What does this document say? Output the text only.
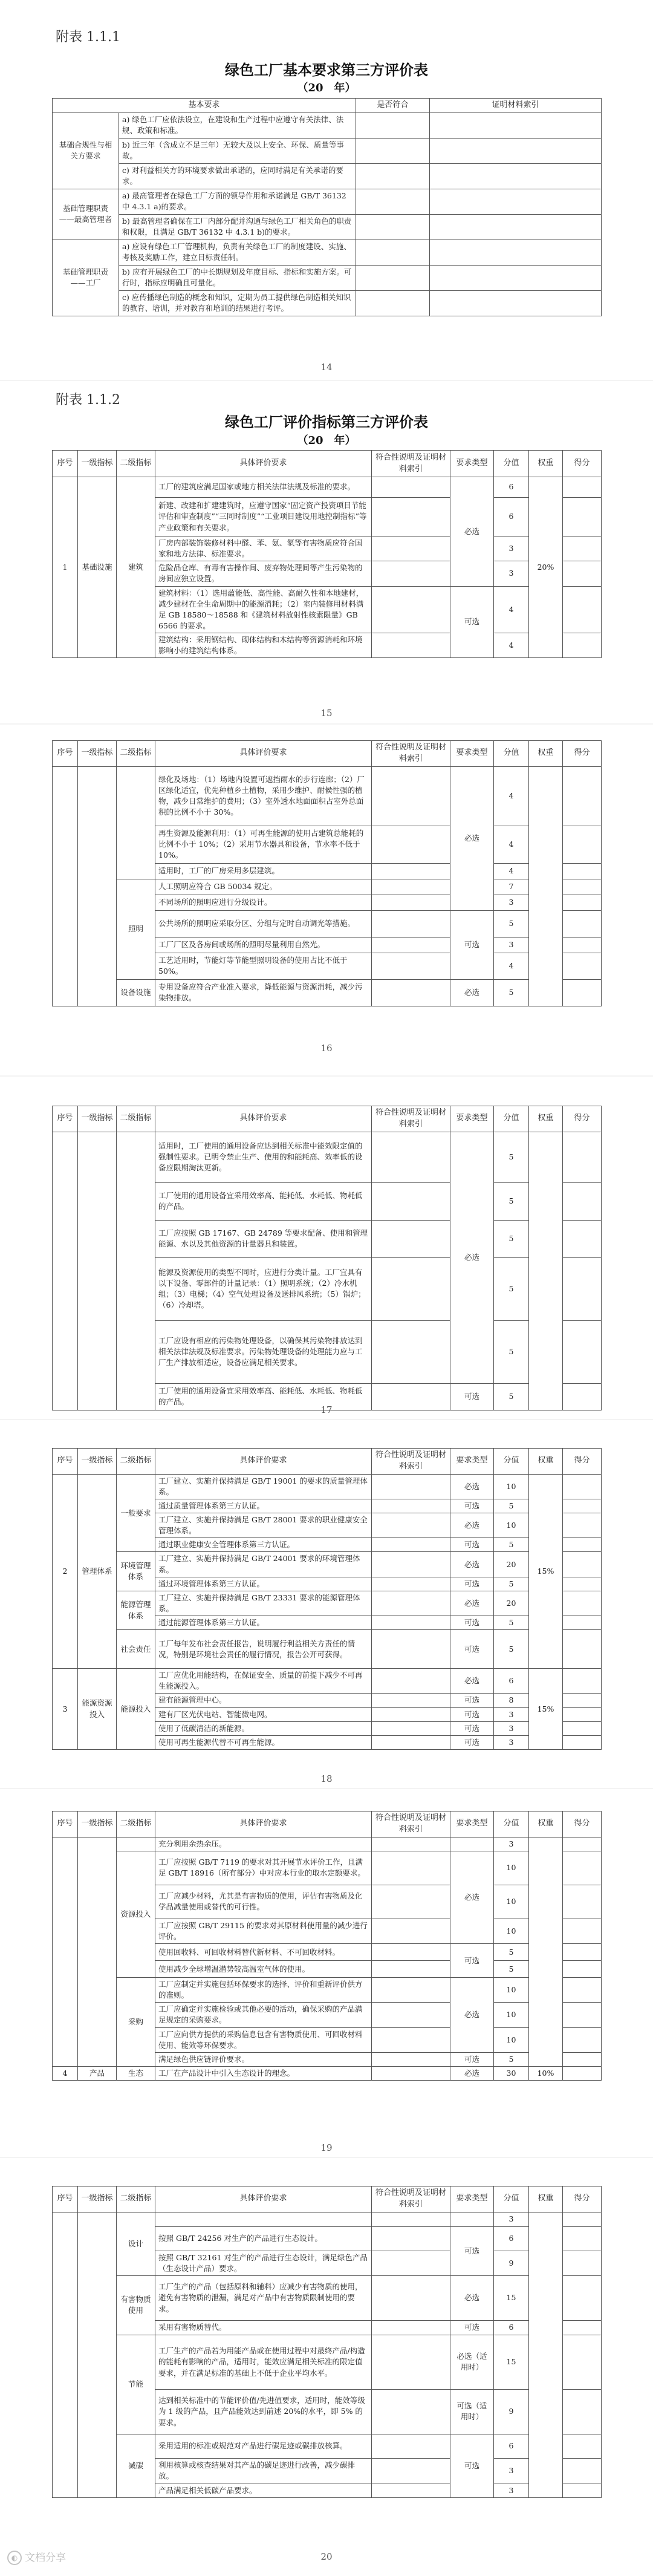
附表 1.1.1
绿色工厂基本要求第三方评价表
（20　年）
基本要求		是否符合	证明材料索引
基础合规性与相关方要求	a) 绿色工厂应依法设立，在建设和生产过程中应遵守有关法律、法规、政策和标准。		
	b) 近三年（含成立不足三年）无较大及以上安全、环保、质量等事故。		
	c) 对利益相关方的环境要求做出承诺的，应同时满足有关承诺的要求。		
基础管理职责——最高管理者	a) 最高管理者在绿色工厂方面的领导作用和承诺满足 GB/T 36132 中 4.3.1 a)的要求。		
	b) 最高管理者确保在工厂内部分配并沟通与绿色工厂相关角色的职责和权限，且满足 GB/T 36132 中 4.3.1 b)的要求。		
基础管理职责——工厂	a) 应设有绿色工厂管理机构，负责有关绿色工厂的制度建设、实施、考核及奖励工作，建立目标责任制。		
	b) 应有开展绿色工厂的中长期规划及年度目标、指标和实施方案。可行时，指标应明确且可量化。		
	c) 应传播绿色制造的概念和知识，定期为员工提供绿色制造相关知识的教育、培训，并对教育和培训的结果进行考评。		
14
附表 1.1.2
绿色工厂评价指标第三方评价表
（20　年）
序号	一级指标	二级指标	具体评价要求	符合性说明及证明材料索引	要求类型	分值	权重	得分
1	基础设施	建筑	工厂的建筑应满足国家或地方相关法律法规及标准的要求。		必选	6	20%	
			新建、改建和扩建建筑时，应遵守国家“固定资产投资项目节能评估和审查制度”“三同时制度”“工业项目建设用地控制指标”等产业政策和有关要求。			6		
			厂房内部装饰装修材料中醛、苯、氨、氡等有害物质应符合国家和地方法律、标准要求。			3		
			危险品仓库、有毒有害操作间、废弃物处理间等产生污染物的房间应独立设置。			3		
			建筑材料：（1）选用蕴能低、高性能、高耐久性和本地建材，减少建材在全生命周期中的能源消耗；（2）室内装修用材料满足 GB 18580～18588 和《建筑材料放射性核素限量》GB 6566 的要求。		可选	4		
			建筑结构：采用钢结构、砌体结构和木结构等资源消耗和环境影响小的建筑结构体系。			4		
15
序号	一级指标	二级指标	具体评价要求	符合性说明及证明材料索引	要求类型	分值	权重	得分
			绿化及场地：（1）场地内设置可遮挡雨水的步行连廊；（2）厂区绿化适宜，优先种植乡土植物，采用少维护、耐候性强的植物，减少日常维护的费用；（3）室外透水地面面积占室外总面积的比例不小于 30%。		必选	4		
			再生资源及能源利用：（1）可再生能源的使用占建筑总能耗的比例不小于 10%；（2）采用节水器具和设备，节水率不低于 10%。			4		
			适用时，工厂的厂房采用多层建筑。			4		
		照明	人工照明应符合 GB 50034 规定。			7		
			不同场所的照明应进行分级设计。			3		
			公共场所的照明应采取分区、分组与定时自动调光等措施。		可选	5		
			工厂厂区及各房间或场所的照明尽量利用自然光。			3		
			工艺适用时，节能灯等节能型照明设备的使用占比不低于 50%。			4		
		设备设施	专用设备应符合产业准入要求，降低能源与资源消耗，减少污染物排放。		必选	5		
16
序号	一级指标	二级指标	具体评价要求	符合性说明及证明材料索引	要求类型	分值	权重	得分
			适用时，工厂使用的通用设备应达到相关标准中能效限定值的强制性要求。已明令禁止生产、使用的和能耗高、效率低的设备应限期淘汰更新。		必选	5		
			工厂使用的通用设备宜采用效率高、能耗低、水耗低、物耗低的产品。			5		
			工厂应按照 GB 17167、GB 24789 等要求配备、使用和管理能源、水以及其他资源的计量器具和装置。			5		
			能源及资源使用的类型不同时，应进行分类计量。工厂宜具有以下设备、零部件的计量记录：（1）照明系统；（2）冷水机组；（3）电梯；（4）空气处理设备及送排风系统；（5）锅炉；（6）冷却塔。			5		
			工厂应设有相应的污染物处理设备，以确保其污染物排放达到相关法律法规及标准要求。污染物处理设备的处理能力应与工厂生产排放相适应，设备应满足相关要求。			5		
			工厂使用的通用设备宜采用效率高、能耗低、水耗低、物耗低的产品。		可选	5		
17
序号	一级指标	二级指标	具体评价要求	符合性说明及证明材料索引	要求类型	分值	权重	得分
2	管理体系	一般要求	工厂建立、实施并保持满足 GB/T 19001 的要求的质量管理体系。		必选	10	15%	
			通过质量管理体系第三方认证。		可选	5		
			工厂建立、实施并保持满足 GB/T 28001 要求的职业健康安全管理体系。		必选	10		
			通过职业健康安全管理体系第三方认证。		可选	5		
		环境管理体系	工厂建立、实施并保持满足 GB/T 24001 要求的环境管理体系。		必选	20		
			通过环境管理体系第三方认证。		可选	5		
		能源管理体系	工厂建立、实施并保持满足 GB/T 23331 要求的能源管理体系。		必选	20		
			通过能源管理体系第三方认证。		可选	5		
		社会责任	工厂每年发布社会责任报告，说明履行利益相关方责任的情况，特别是环境社会责任的履行情况，报告公开可获得。		可选	5		
3	能源资源投入	能源投入	工厂应优化用能结构，在保证安全、质量的前提下减少不可再生能源投入。		必选	6	15%	
			建有能源管理中心。		可选	8		
			建有厂区光伏电站、智能微电网。		可选	3		
			使用了低碳清洁的新能源。		可选	3		
			使用可再生能源代替不可再生能源。		可选	3		
18
序号	一级指标	二级指标	具体评价要求	符合性说明及证明材料索引	要求类型	分值	权重	得分
			充分利用余热余压。			3		
		资源投入	工厂应按照 GB/T 7119 的要求对其开展节水评价工作，且满足 GB/T 18916（所有部分）中对应本行业的取水定额要求。		必选	10		
			工厂应减少材料，尤其是有害物质的使用，评估有害物质及化学品减量使用或替代的可行性。			10		
			工厂应按照 GB/T 29115 的要求对其原材料使用量的减少进行评价。			10		
			使用回收料、可回收材料替代新材料、不可回收材料。		可选	5		
			使用减少全球增温潜势较高温室气体的使用。			5		
		采购	工厂应制定并实施包括环保要求的选择、评价和重新评价供方的准则。		必选	10		
			工厂应确定并实施检验或其他必要的活动，确保采购的产品满足规定的采购要求。			10		
			工厂应向供方提供的采购信息包含有害物质使用、可回收材料使用、能效等环保要求。			10		
			满足绿色供应链评价要求。		可选	5		
4	产品	生态	工厂在产品设计中引入生态设计的理念。		必选	30	10%	
19
序号	一级指标	二级指标	具体评价要求	符合性说明及证明材料索引	要求类型	分值	权重	得分
		设计				3		
			按照 GB/T 24256 对生产的产品进行生态设计。		可选	6		
			按照 GB/T 32161 对生产的产品进行生态设计，满足绿色产品（生态设计产品）要求。			9		
		有害物质使用	工厂生产的产品（包括原料和辅料）应减少有害物质的使用，避免有害物质的泄漏，满足对产品中有害物质限制使用的要求。		必选	15		
			采用有害物质替代。		可选	6		
		节能	工厂生产的产品若为用能产品或在使用过程中对最终产品/构造的能耗有影响的产品，适用时，能效应满足相关标准的限定值要求，并在满足标准的基础上不低于企业平均水平。		必选（适用时）	15		
			达到相关标准中的节能评价值/先进值要求，适用时，能效等级为 1 级的产品，且产品能效达到前述 20%的水平，即 5% 的要求。		可选（适用时）	9		
		减碳	采用适用的标准或规范对产品进行碳足迹或碳排放核算。		可选	6		
			利用核算或核查结果对其产品的碳足迹进行改善，减少碳排放。			3		
			产品满足相关低碳产品要求。			3		
20
◐ 文档分享
